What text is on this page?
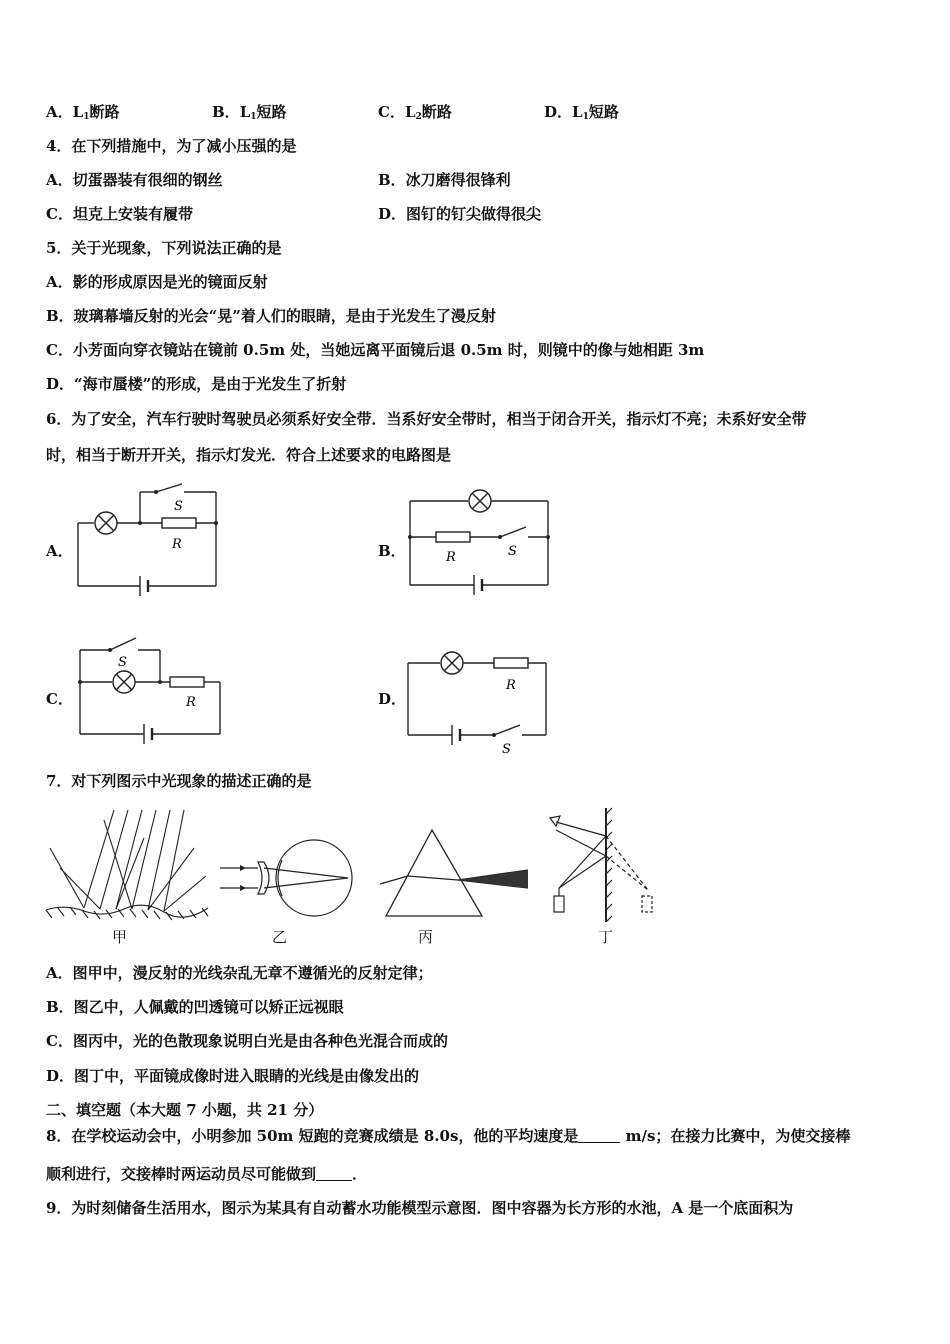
A．$L_1$断路	B．$L_1$短路	C．$L_2$断路	D．$L_1$短路
4．在下列措施中，为了减小压强的是
A．切蛋器装有很细的钢丝	B．冰刀磨得很锋利
C．坦克上安装有履带	D．图钉的钉尖做得很尖
5．关于光现象，下列说法正确的是
A．影的形成原因是光的镜面反射
B．玻璃幕墙反射的光会“晃”着人们的眼睛，是由于光发生了漫反射
C．小芳面向穿衣镜站在镜前 0.5m 处，当她远离平面镜后退 0.5m 时，则镜中的像与她相距 3m
D．“海市蜃楼”的形成，是由于光发生了折射
6．为了安全，汽车行驶时驾驶员必须系好安全带．当系好安全带时，相当于闭合开关，指示灯不亮；未系好安全带
时，相当于断开开关，指示灯发光．符合上述要求的电路图是
A．	B．
C．	D．
S
R
R	S
S
R
R
S
7．对下列图示中光现象的描述正确的是
甲	乙	丙	丁
A．图甲中，漫反射的光线杂乱无章不遵循光的反射定律；
B．图乙中，人佩戴的凹透镜可以矫正远视眼
C．图丙中，光的色散现象说明白光是由各种色光混合而成的
D．图丁中，平面镜成像时进入眼睛的光线是由像发出的
二、填空题（本大题 7 小题，共 21 分）
8．在学校运动会中，小明参加 50m 短跑的竞赛成绩是 8.0s，他的平均速度是	m/s；在接力比赛中，为使交接棒
顺利进行，交接棒时两运动员尽可能做到 ．
9．为时刻储备生活用水，图示为某具有自动蓄水功能模型示意图．图中容器为长方形的水池，A 是一个底面积为
